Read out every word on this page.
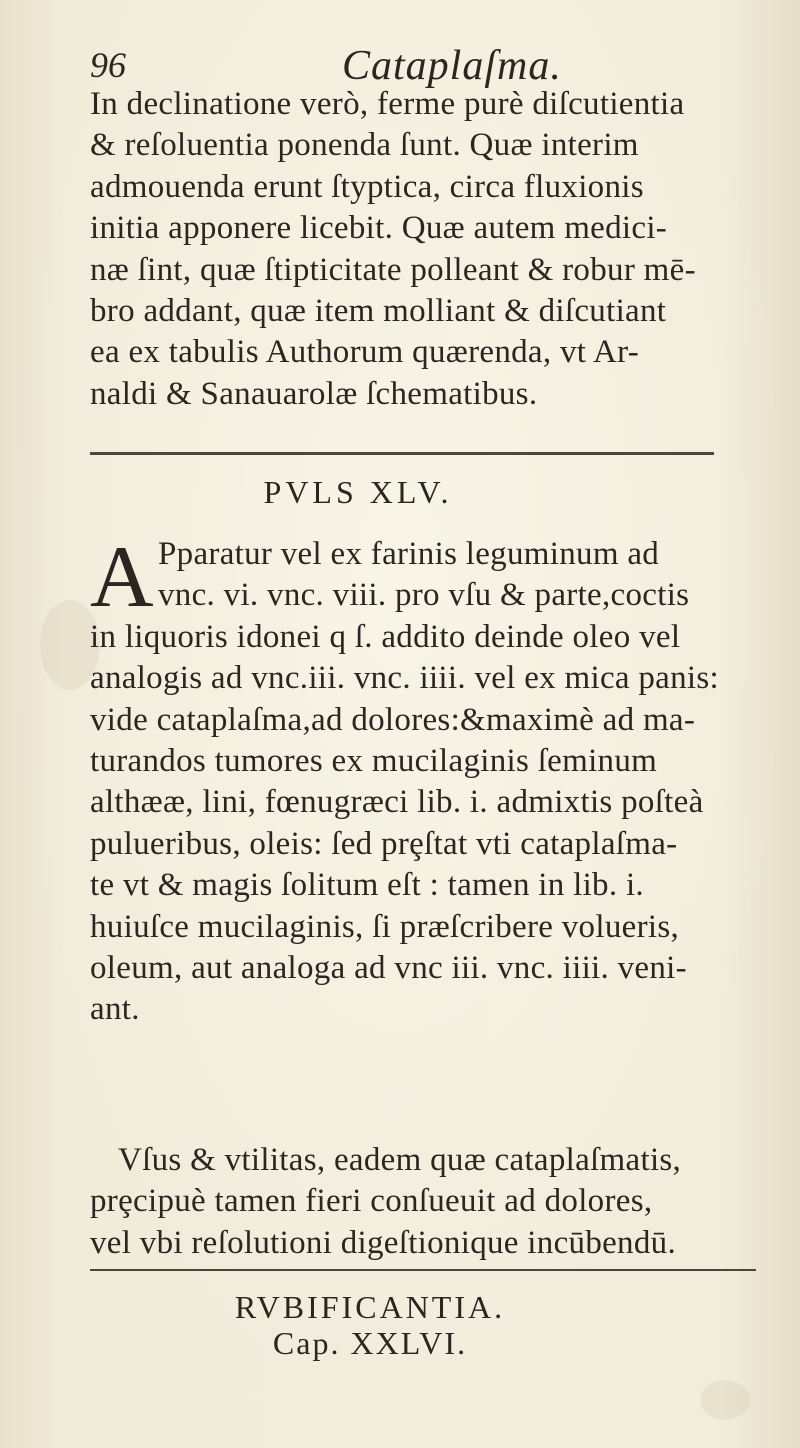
96	Cataplaſma.
In declinatione verò, ferme purè diſcutientia
& reſoluentia ponenda ſunt. Quæ interim
admouenda erunt ſtyptica, circa fluxionis
initia apponere licebit. Quæ autem medici-
næ ſint, quæ ſtipticitate polleant & robur mē-
bro addant, quæ item molliant & diſcutiant
ea ex tabulis Authorum quærenda, vt Ar-
naldi & Sanauarolæ ſchematibus.
PVLS XLV.
A Pparatur vel ex farinis leguminum ad
vnc. vi. vnc. viii. pro vſu & parte,coctis
in liquoris idonei q ſ. addito deinde oleo vel
analogis ad vnc.iii. vnc. iiii. vel ex mica panis:
vide cataplaſma,ad dolores:&maximè ad ma-
turandos tumores ex mucilaginis ſeminum
althææ, lini, fœnugræci lib. i. admixtis poſteà
pulueribus, oleis: ſed prȩſtat vti cataplaſma-
te vt & magis ſolitum eſt : tamen in lib. i.
huiuſce mucilaginis, ſi præſcribere volueris,
oleum, aut analoga ad vnc iii. vnc. iiii. veni-
ant.
Vſus & vtilitas, eadem quæ cataplaſmatis,
prȩcipuè tamen fieri conſueuit ad dolores,
vel vbi reſolutioni digeſtionique incūbendū.
RVBIFICANTIA.
Cap. XXLVI.
